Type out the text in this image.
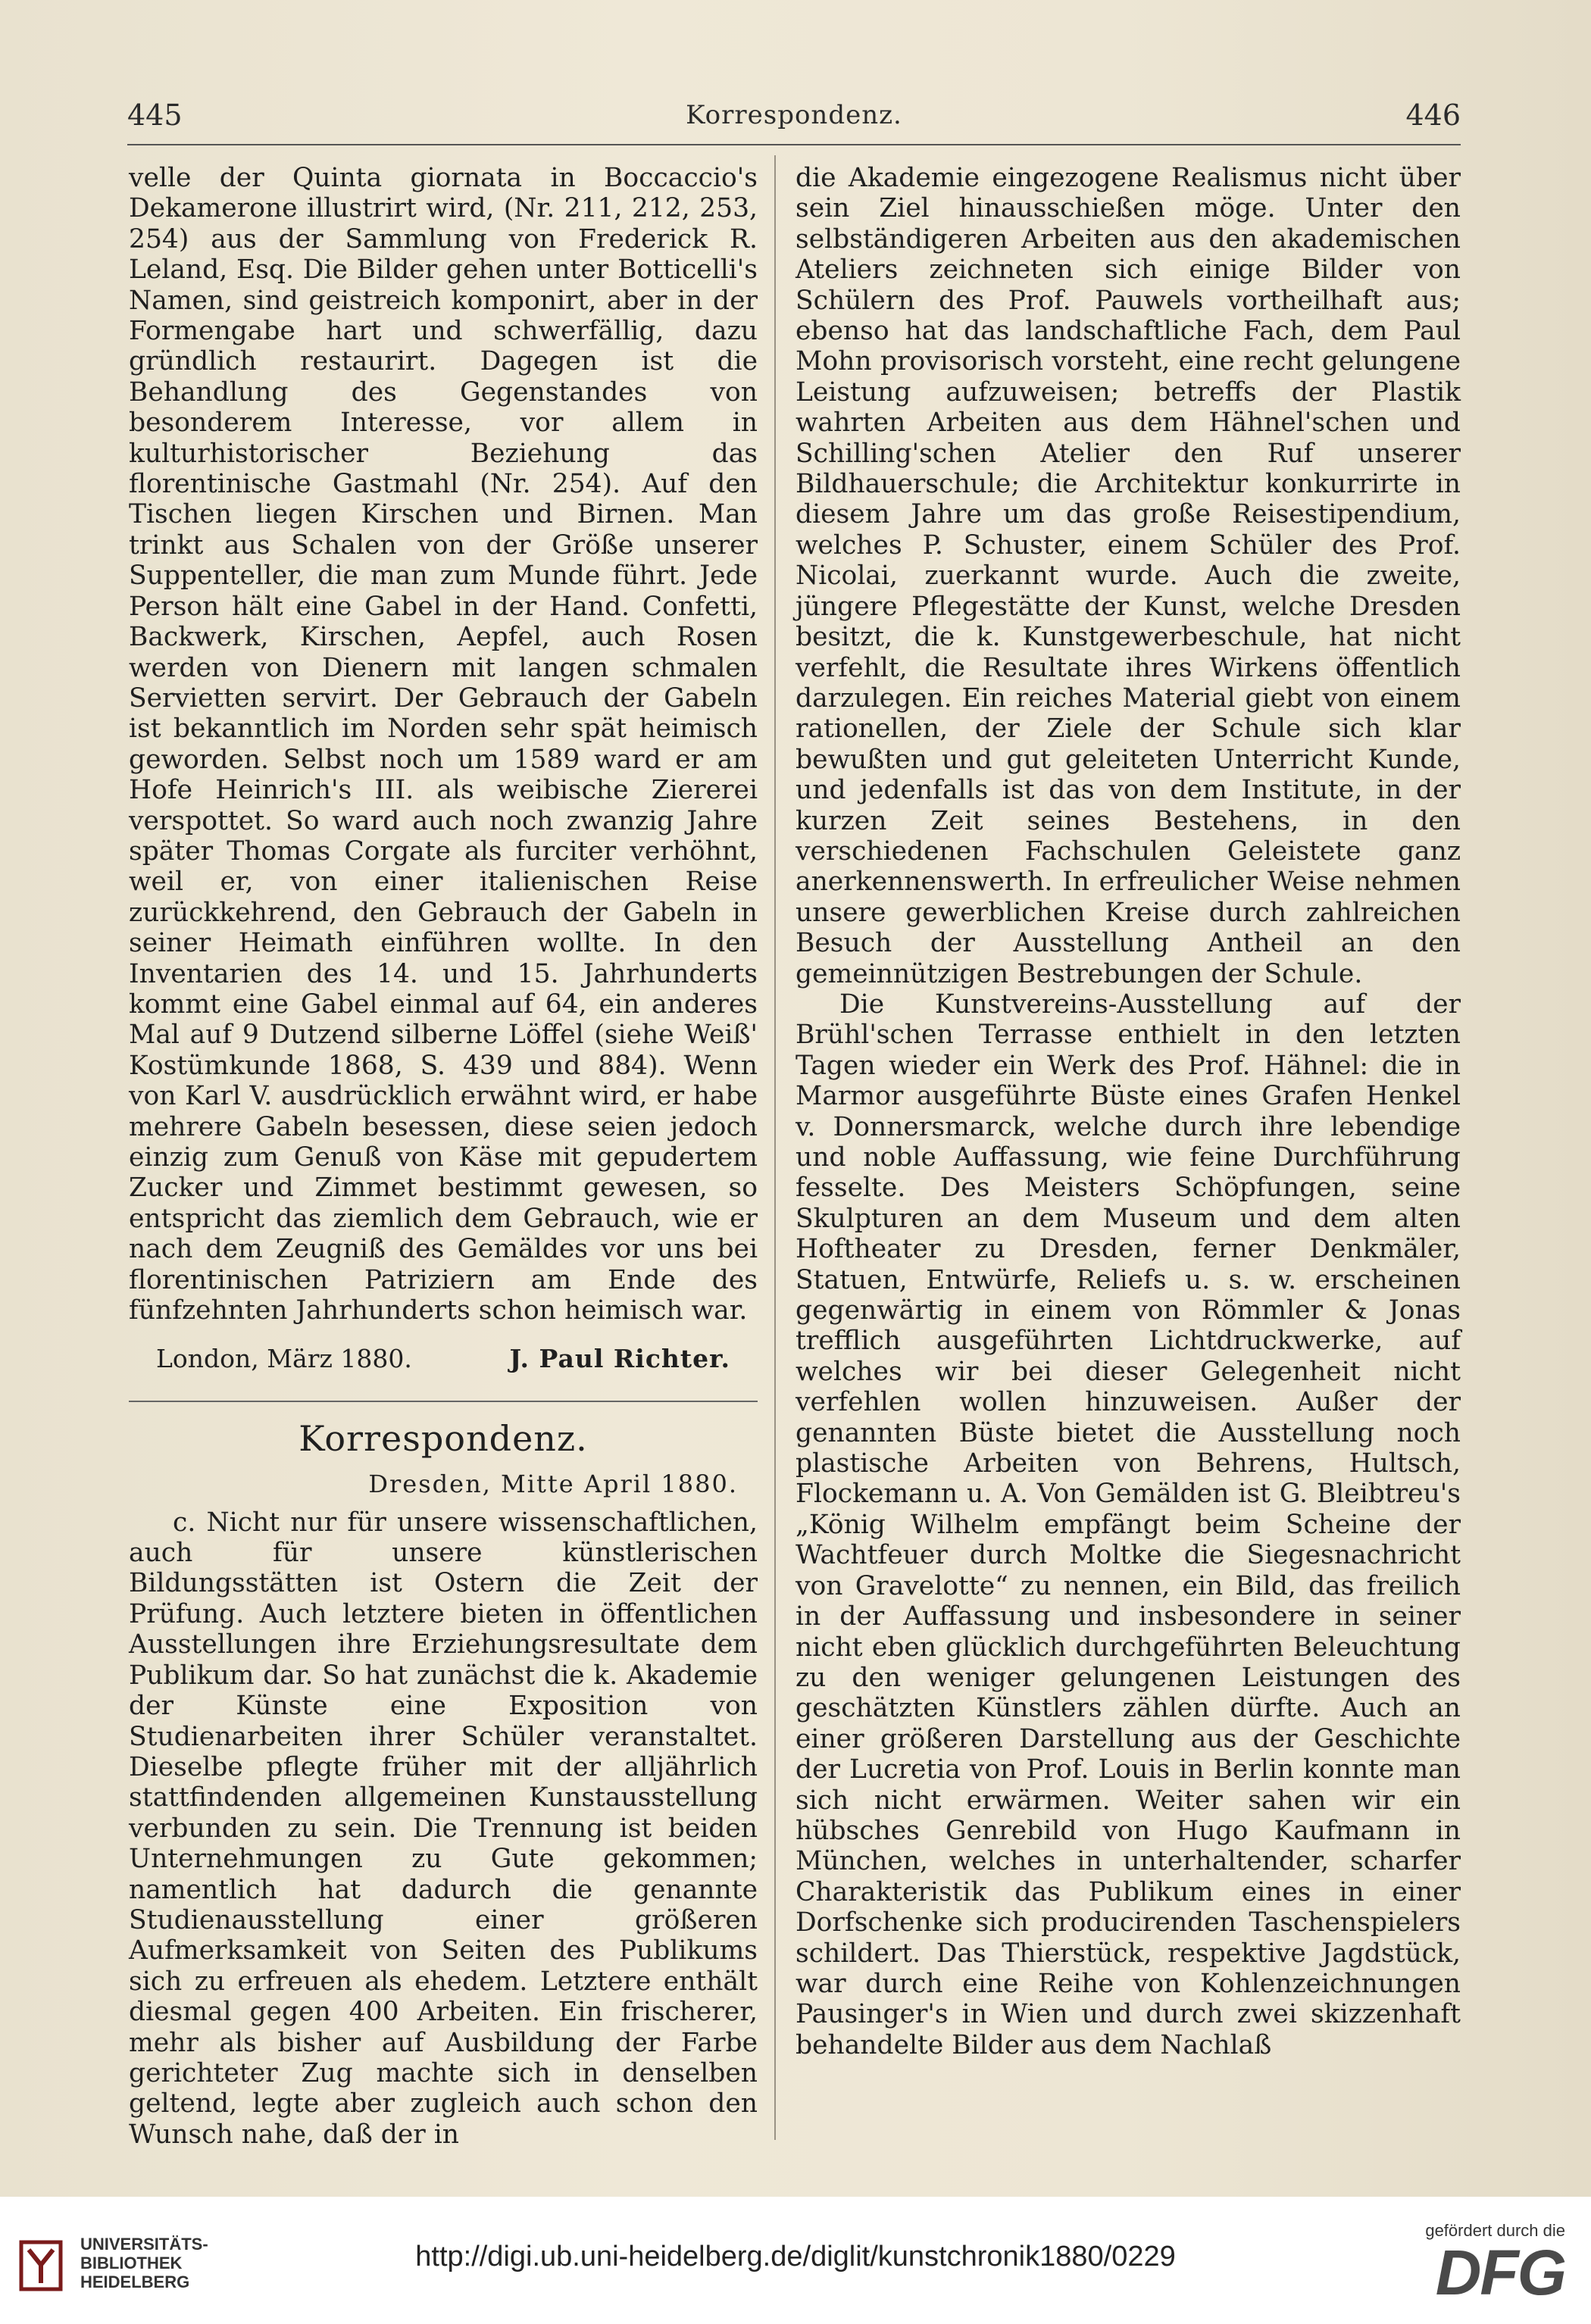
445	Korrespondenz.	446

velle der Quinta giornata in Boccaccio's Dekamerone illustrirt wird, (Nr. 211, 212, 253, 254) aus der Sammlung von Frederick R. Leland, Esq. Die Bilder gehen unter Botticelli's Namen, sind geistreich komponirt, aber in der Formengabe hart und schwerfällig, dazu gründlich restaurirt. Dagegen ist die Behandlung des Gegenstandes von besonderem Interesse, vor allem in kulturhistorischer Beziehung das florentinische Gastmahl (Nr. 254). Auf den Tischen liegen Kirschen und Birnen. Man trinkt aus Schalen von der Größe unserer Suppenteller, die man zum Munde führt. Jede Person hält eine Gabel in der Hand. Confetti, Backwerk, Kirschen, Aepfel, auch Rosen werden von Dienern mit langen schmalen Servietten servirt. Der Gebrauch der Gabeln ist bekanntlich im Norden sehr spät heimisch geworden. Selbst noch um 1589 ward er am Hofe Heinrich's III. als weibische Ziererei verspottet. So ward auch noch zwanzig Jahre später Thomas Corgate als furciter verhöhnt, weil er, von einer italienischen Reise zurückkehrend, den Gebrauch der Gabeln in seiner Heimath einführen wollte. In den Inventarien des 14. und 15. Jahrhunderts kommt eine Gabel einmal auf 64, ein anderes Mal auf 9 Dutzend silberne Löffel (siehe Weiß' Kostümkunde 1868, S. 439 und 884). Wenn von Karl V. ausdrücklich erwähnt wird, er habe mehrere Gabeln besessen, diese seien jedoch einzig zum Genuß von Käse mit gepudertem Zucker und Zimmet bestimmt gewesen, so entspricht das ziemlich dem Gebrauch, wie er nach dem Zeugniß des Gemäldes vor uns bei florentinischen Patriziern am Ende des fünfzehnten Jahrhunderts schon heimisch war.

London, März 1880.	J. Paul Richter.
Korrespondenz.
Dresden, Mitte April 1880.

c. Nicht nur für unsere wissenschaftlichen, auch für unsere künstlerischen Bildungsstätten ist Ostern die Zeit der Prüfung. Auch letztere bieten in öffentlichen Ausstellungen ihre Erziehungsresultate dem Publikum dar. So hat zunächst die k. Akademie der Künste eine Exposition von Studienarbeiten ihrer Schüler veranstaltet. Dieselbe pflegte früher mit der alljährlich stattfindenden allgemeinen Kunstausstellung verbunden zu sein. Die Trennung ist beiden Unternehmungen zu Gute gekommen; namentlich hat dadurch die genannte Studienausstellung einer größeren Aufmerksamkeit von Seiten des Publikums sich zu erfreuen als ehedem. Letztere enthält diesmal gegen 400 Arbeiten. Ein frischerer, mehr als bisher auf Ausbildung der Farbe gerichteter Zug machte sich in denselben geltend, legte aber zugleich auch schon den Wunsch nahe, daß der in

die Akademie eingezogene Realismus nicht über sein Ziel hinausschießen möge. Unter den selbständigeren Arbeiten aus den akademischen Ateliers zeichneten sich einige Bilder von Schülern des Prof. Pauwels vortheilhaft aus; ebenso hat das landschaftliche Fach, dem Paul Mohn provisorisch vorsteht, eine recht gelungene Leistung aufzuweisen; betreffs der Plastik wahrten Arbeiten aus dem Hähnel'schen und Schilling'schen Atelier den Ruf unserer Bildhauerschule; die Architektur konkurrirte in diesem Jahre um das große Reisestipendium, welches P. Schuster, einem Schüler des Prof. Nicolai, zuerkannt wurde. Auch die zweite, jüngere Pflegestätte der Kunst, welche Dresden besitzt, die k. Kunstgewerbeschule, hat nicht verfehlt, die Resultate ihres Wirkens öffentlich darzulegen. Ein reiches Material giebt von einem rationellen, der Ziele der Schule sich klar bewußten und gut geleiteten Unterricht Kunde, und jedenfalls ist das von dem Institute, in der kurzen Zeit seines Bestehens, in den verschiedenen Fachschulen Geleistete ganz anerkennenswerth. In erfreulicher Weise nehmen unsere gewerblichen Kreise durch zahlreichen Besuch der Ausstellung Antheil an den gemeinnützigen Bestrebungen der Schule.

Die Kunstvereins-Ausstellung auf der Brühl'schen Terrasse enthielt in den letzten Tagen wieder ein Werk des Prof. Hähnel: die in Marmor ausgeführte Büste eines Grafen Henkel v. Donnersmarck, welche durch ihre lebendige und noble Auffassung, wie feine Durchführung fesselte. Des Meisters Schöpfungen, seine Skulpturen an dem Museum und dem alten Hoftheater zu Dresden, ferner Denkmäler, Statuen, Entwürfe, Reliefs u. s. w. erscheinen gegenwärtig in einem von Römmler & Jonas trefflich ausgeführten Lichtdruckwerke, auf welches wir bei dieser Gelegenheit nicht verfehlen wollen hinzuweisen. Außer der genannten Büste bietet die Ausstellung noch plastische Arbeiten von Behrens, Hultsch, Flockemann u. A. Von Gemälden ist G. Bleibtreu's „König Wilhelm empfängt beim Scheine der Wachtfeuer durch Moltke die Siegesnachricht von Gravelotte“ zu nennen, ein Bild, das freilich in der Auffassung und insbesondere in seiner nicht eben glücklich durchgeführten Beleuchtung zu den weniger gelungenen Leistungen des geschätzten Künstlers zählen dürfte. Auch an einer größeren Darstellung aus der Geschichte der Lucretia von Prof. Louis in Berlin konnte man sich nicht erwärmen. Weiter sahen wir ein hübsches Genrebild von Hugo Kaufmann in München, welches in unterhaltender, scharfer Charakteristik das Publikum eines in einer Dorfschenke sich producirenden Taschenspielers schildert. Das Thierstück, respektive Jagdstück, war durch eine Reihe von Kohlenzeichnungen Pausinger's in Wien und durch zwei skizzenhaft behandelte Bilder aus dem Nachlaß

UNIVERSITÄTS-
BIBLIOTHEK
HEIDELBERG
http://digi.ub.uni-heidelberg.de/diglit/kunstchronik1880/0229
gefördert durch die
DFG
